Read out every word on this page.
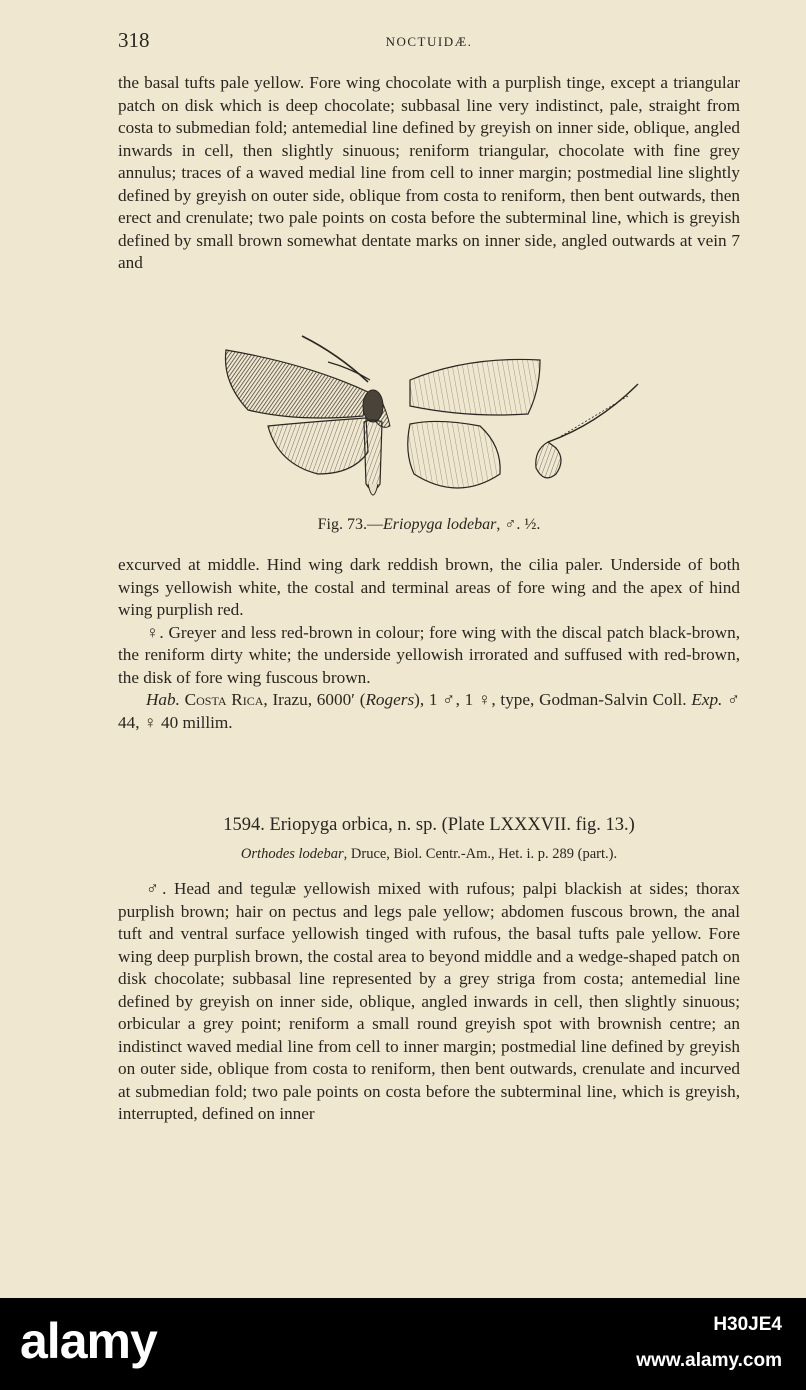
318	NOCTUIDÆ.

the basal tufts pale yellow. Fore wing chocolate with a purplish tinge, except a triangular patch on disk which is deep chocolate; subbasal line very indistinct, pale, straight from costa to submedian fold; antemedial line defined by greyish on inner side, oblique, angled inwards in cell, then slightly sinuous; reniform triangular, chocolate with fine grey annulus; traces of a waved medial line from cell to inner margin; postmedial line slightly defined by greyish on outer side, oblique from costa to reniform, then bent outwards, then erect and crenulate; two pale points on costa before the subterminal line, which is greyish defined by small brown somewhat dentate marks on inner side, angled outwards at vein 7 and

Fig. 73.—Eriopyga lodebar, ♂. ½.

excurved at middle. Hind wing dark reddish brown, the cilia paler. Underside of both wings yellowish white, the costal and terminal areas of fore wing and the apex of hind wing purplish red.

♀. Greyer and less red-brown in colour; fore wing with the discal patch black-brown, the reniform dirty white; the underside yellowish irrorated and suffused with red-brown, the disk of fore wing fuscous brown.

Hab. Costa Rica, Irazu, 6000′ (Rogers), 1 ♂, 1 ♀, type, Godman-Salvin Coll. Exp. ♂ 44, ♀ 40 millim.

1594. Eriopyga orbica, n. sp. (Plate LXXXVII. fig. 13.)
Orthodes lodebar, Druce, Biol. Centr.-Am., Het. i. p. 289 (part.).

♂. Head and tegulæ yellowish mixed with rufous; palpi blackish at sides; thorax purplish brown; hair on pectus and legs pale yellow; abdomen fuscous brown, the anal tuft and ventral surface yellowish tinged with rufous, the basal tufts pale yellow. Fore wing deep purplish brown, the costal area to beyond middle and a wedge-shaped patch on disk chocolate; subbasal line represented by a grey striga from costa; antemedial line defined by greyish on inner side, oblique, angled inwards in cell, then slightly sinuous; orbicular a grey point; reniform a small round greyish spot with brownish centre; an indistinct waved medial line from cell to inner margin; postmedial line defined by greyish on outer side, oblique from costa to reniform, then bent outwards, crenulate and incurved at submedian fold; two pale points on costa before the subterminal line, which is greyish, interrupted, defined on inner

alamy	H30JE4
www.alamy.com
